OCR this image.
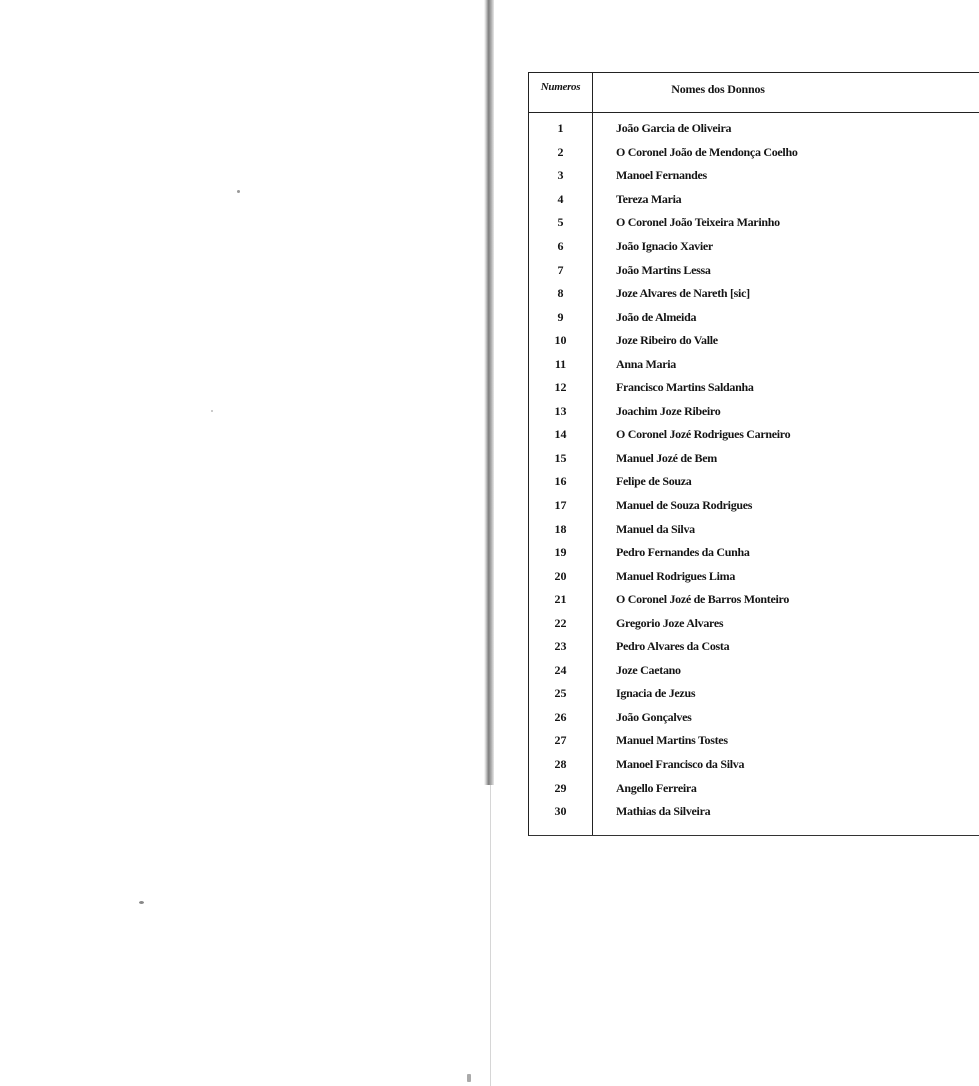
Numeros	Nomes dos Donnos
1	João Garcia de Oliveira
2	O Coronel João de Mendonça Coelho
3	Manoel Fernandes
4	Tereza Maria
5	O Coronel João Teixeira Marinho
6	João Ignacio Xavier
7	João Martins Lessa
8	Joze Alvares de Nareth [sic]
9	João de Almeida
10	Joze Ribeiro do Valle
11	Anna Maria
12	Francisco Martins Saldanha
13	Joachim Joze Ribeiro
14	O Coronel Jozé Rodrigues Carneiro
15	Manuel Jozé de Bem
16	Felipe de Souza
17	Manuel de Souza Rodrigues
18	Manuel da Silva
19	Pedro Fernandes da Cunha
20	Manuel Rodrigues Lima
21	O Coronel Jozé de Barros Monteiro
22	Gregorio Joze Alvares
23	Pedro Alvares da Costa
24	Joze Caetano
25	Ignacia de Jezus
26	João Gonçalves
27	Manuel Martins Tostes
28	Manoel Francisco da Silva
29	Angello Ferreira
30	Mathias da Silveira
